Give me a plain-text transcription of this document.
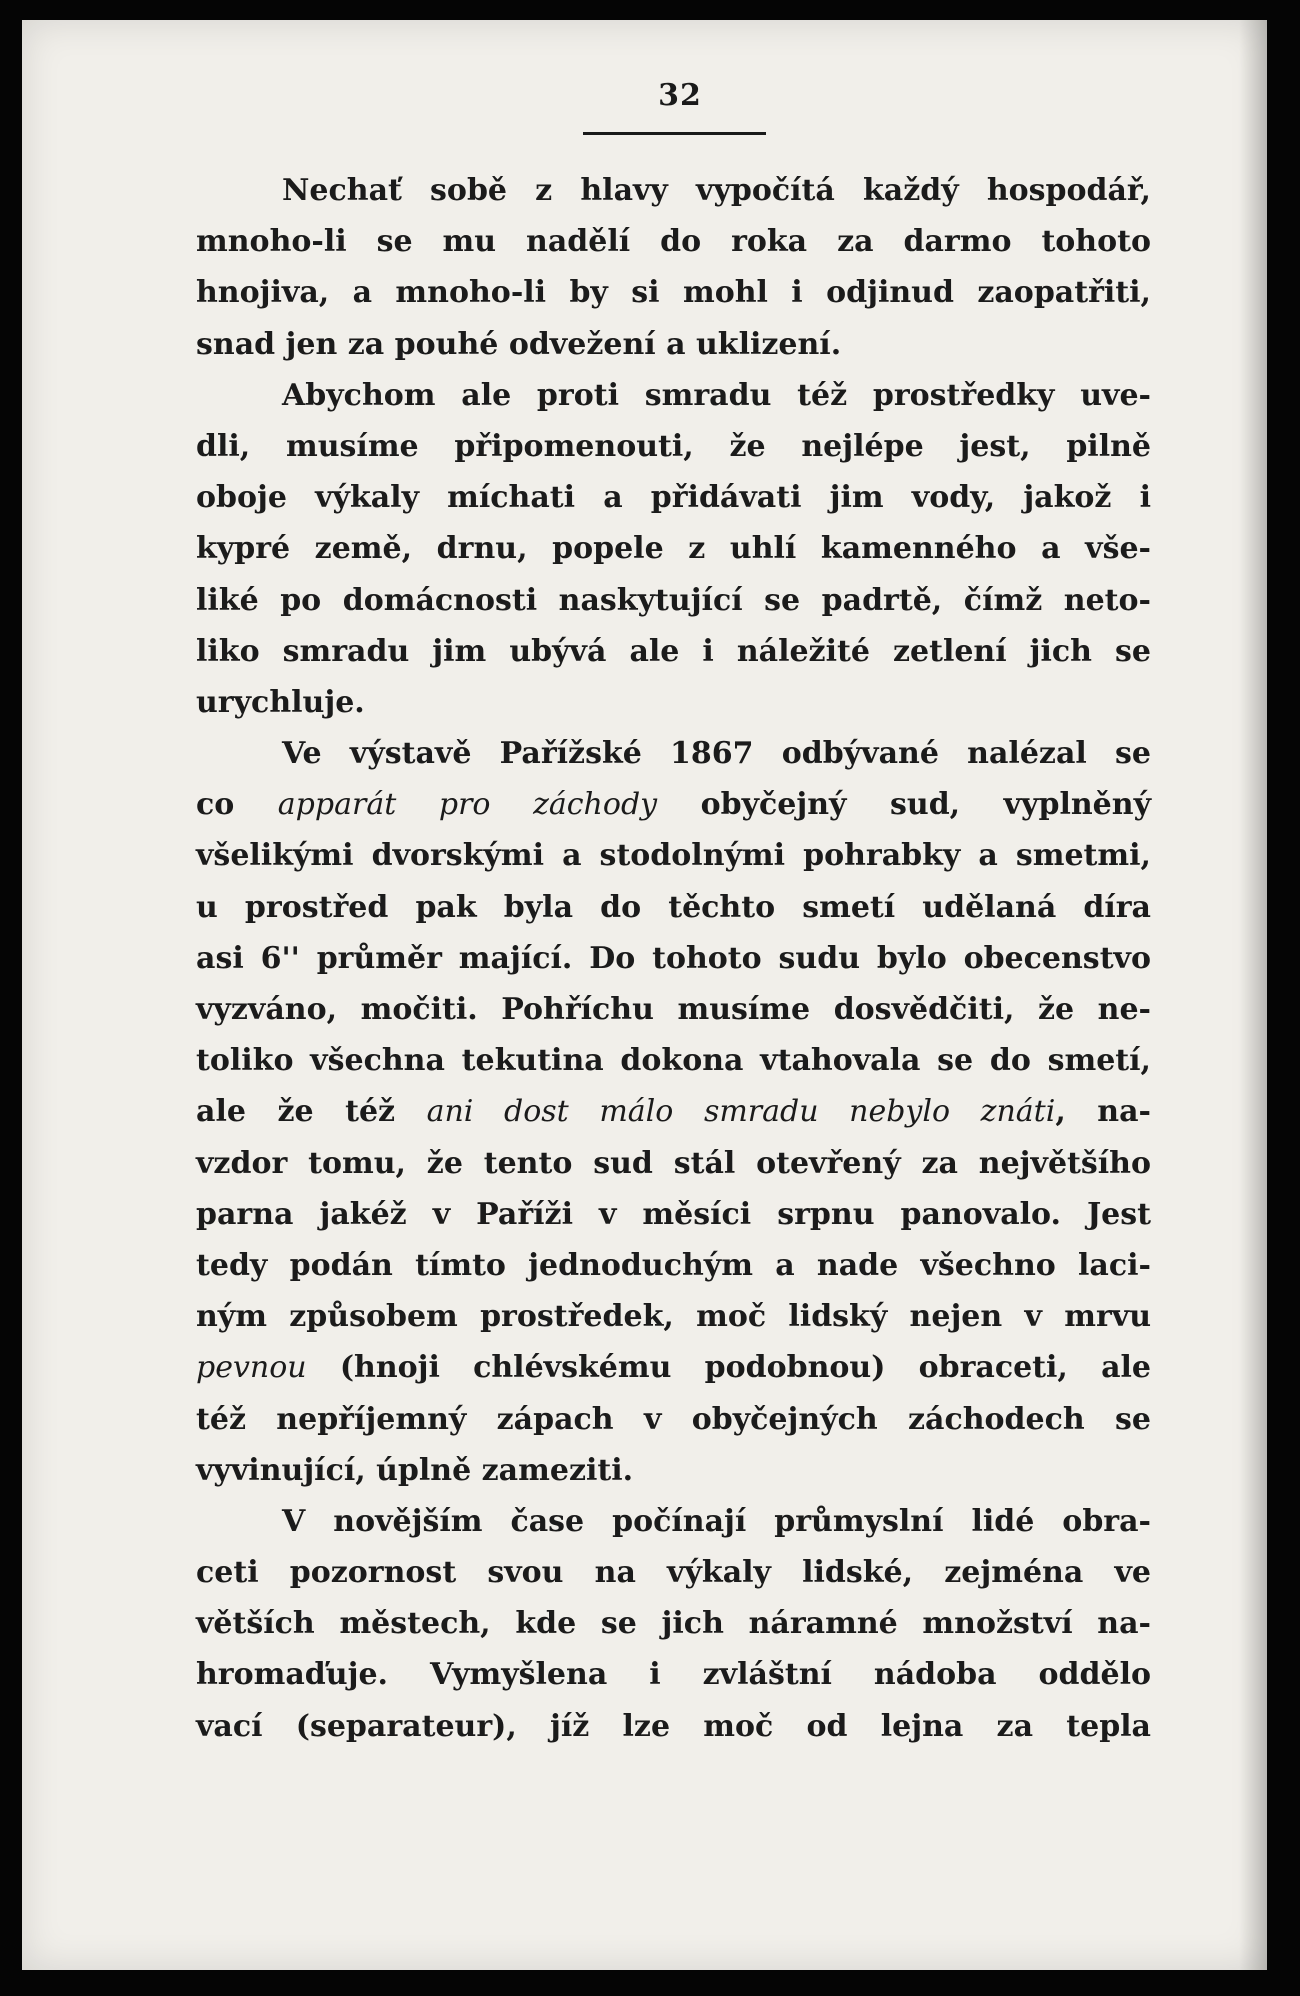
32
Nechať sobě z hlavy vypočítá každý hospodář,
mnoho-li se mu nadělí do roka za darmo tohoto
hnojiva, a mnoho-li by si mohl i odjinud zaopatřiti,
snad jen za pouhé odvežení a uklizení.
Abychom ale proti smradu též prostředky uve-
dli, musíme připomenouti, že nejlépe jest, pilně
oboje výkaly míchati a přidávati jim vody, jakož i
kypré země, drnu, popele z uhlí kamenného a vše-
liké po domácnosti naskytující se padrtě, čímž neto-
liko smradu jim ubývá ale i náležité zetlení jich se
urychluje.
Ve výstavě Pařížské 1867 odbývané nalézal se
co apparát pro záchody obyčejný sud, vyplněný
všelikými dvorskými a stodolnými pohrabky a smetmi,
u prostřed pak byla do těchto smetí udělaná díra
asi 6'' průměr mající. Do tohoto sudu bylo obecenstvo
vyzváno, močiti. Pohříchu musíme dosvědčiti, že ne-
toliko všechna tekutina dokona vtahovala se do smetí,
ale že též ani dost málo smradu nebylo znáti, na-
vzdor tomu, že tento sud stál otevřený za největšího
parna jakéž v Paříži v měsíci srpnu panovalo. Jest
tedy podán tímto jednoduchým a nade všechno laci-
ným způsobem prostředek, moč lidský nejen v mrvu
pevnou (hnoji chlévskému podobnou) obraceti, ale
též nepříjemný zápach v obyčejných záchodech se
vyvinující, úplně zameziti.
V novějším čase počínají průmyslní lidé obra-
ceti pozornost svou na výkaly lidské, zejména ve
větších městech, kde se jich náramné množství na-
hromaďuje. Vymyšlena i zvláštní nádoba oddělo
vací (separateur), jíž lze moč od lejna za tepla
